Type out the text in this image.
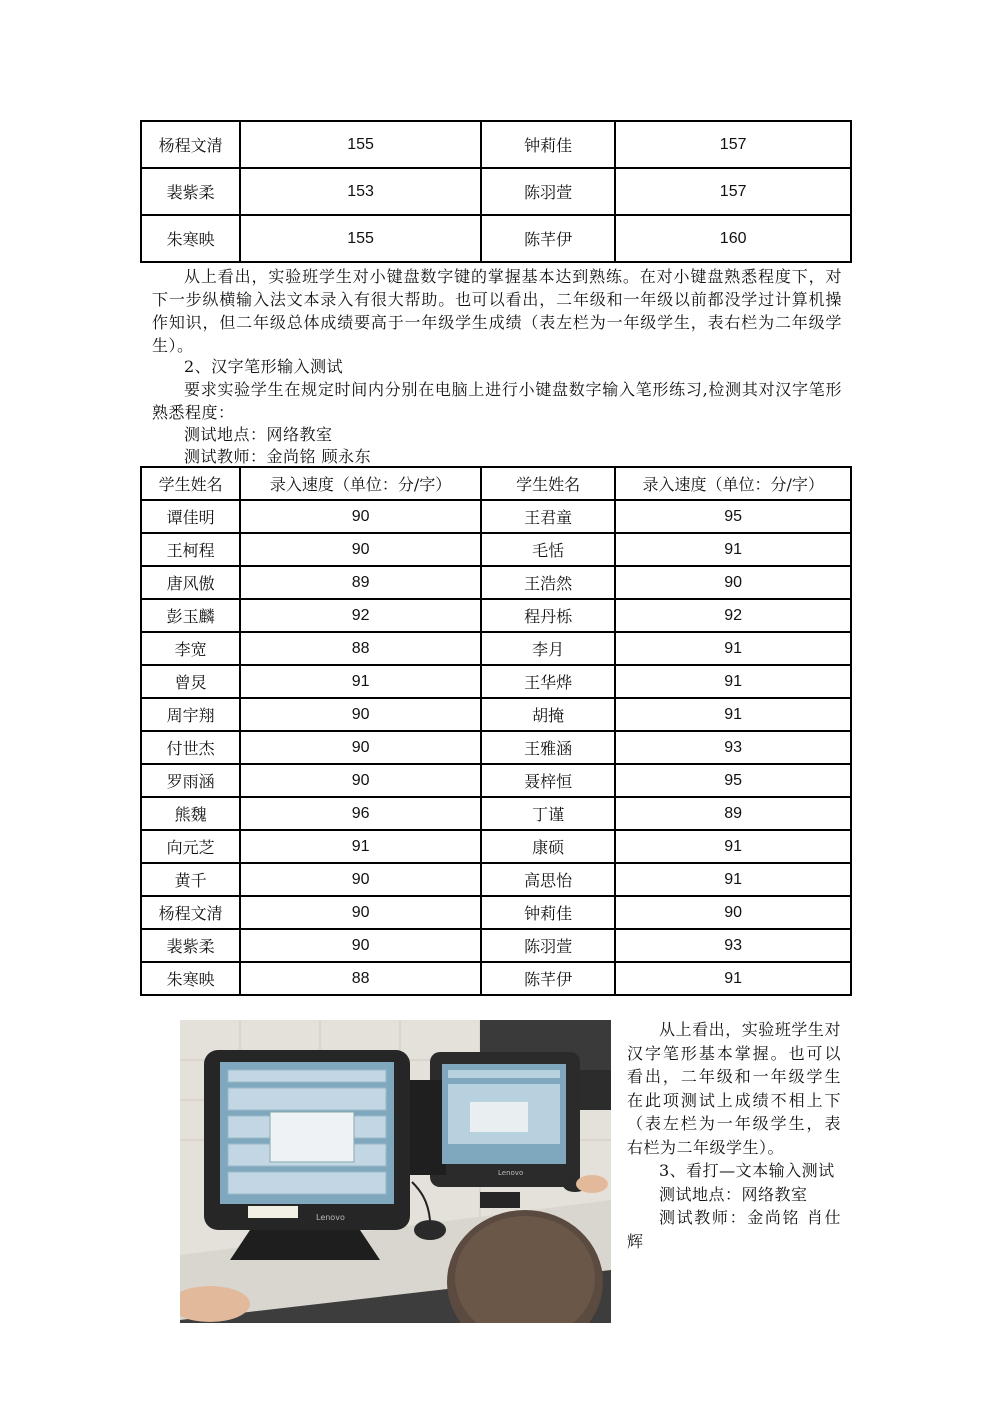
杨程文清	155	钟莉佳	157
裴紫柔	153	陈羽萱	157
朱寒映	155	陈芊伊	160

从上看出，实验班学生对小键盘数字键的掌握基本达到熟练。在对小键盘熟悉程度下，对下一步纵横输入法文本录入有很大帮助。也可以看出，二年级和一年级以前都没学过计算机操作知识，但二年级总体成绩要高于一年级学生成绩（表左栏为一年级学生，表右栏为二年级学生）。

2、汉字笔形输入测试

要求实验学生在规定时间内分别在电脑上进行小键盘数字输入笔形练习,检测其对汉字笔形熟悉程度：

测试地点：网络教室

测试教师：金尚铭 顾永东

学生姓名	录入速度（单位：分/字）	学生姓名	录入速度（单位：分/字）
谭佳明	90	王君童	95
王柯程	90	毛恬	91
唐风傲	89	王浩然	90
彭玉麟	92	程丹栎	92
李宽	88	李月	91
曾炅	91	王华烨	91
周宇翔	90	胡掩	91
付世杰	90	王雅涵	93
罗雨涵	90	聂梓恒	95
熊魏	96	丁谨	89
向元芝	91	康硕	91
黄千	90	高思怡	91
杨程文清	90	钟莉佳	90
裴紫柔	90	陈羽萱	93
朱寒映	88	陈芊伊	91
Lenovo
Lenovo

从上看出，实验班学生对汉字笔形基本掌握。也可以看出，二年级和一年级学生在此项测试上成绩不相上下（表左栏为一年级学生，表右栏为二年级学生）。

3、看打—文本输入测试

测试地点：网络教室

测试教师：金尚铭 肖仕辉
